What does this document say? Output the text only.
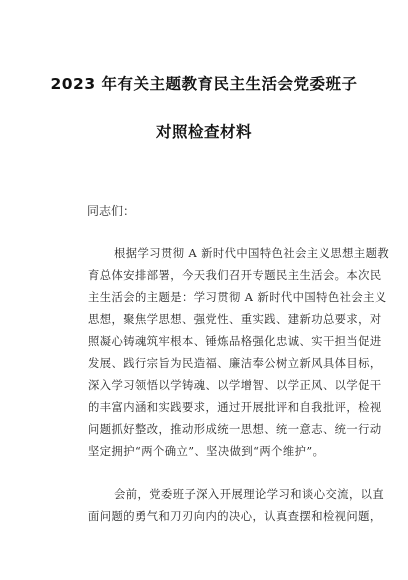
2023 年有关主题教育民主生活会党委班子
对照检查材料
同志们：
根据学习贯彻 A 新时代中国特色社会主义思想主题教
育总体安排部署，今天我们召开专题民主生活会。本次民
主生活会的主题是：学习贯彻 A 新时代中国特色社会主义
思想，聚焦学思想、强党性、重实践、建新功总要求，对
照凝心铸魂筑牢根本、锤炼品格强化忠诚、实干担当促进
发展、践行宗旨为民造福、廉洁奉公树立新风具体目标，
深入学习领悟以学铸魂、以学增智、以学正风、以学促干
的丰富内涵和实践要求，通过开展批评和自我批评，检视
问题抓好整改，推动形成统一思想、统一意志、统一行动
坚定拥护“两个确立”、坚决做到“两个维护”。
会前，党委班子深入开展理论学习和谈心交流，以直
面问题的勇气和刀刃向内的决心，认真查摆和检视问题，
